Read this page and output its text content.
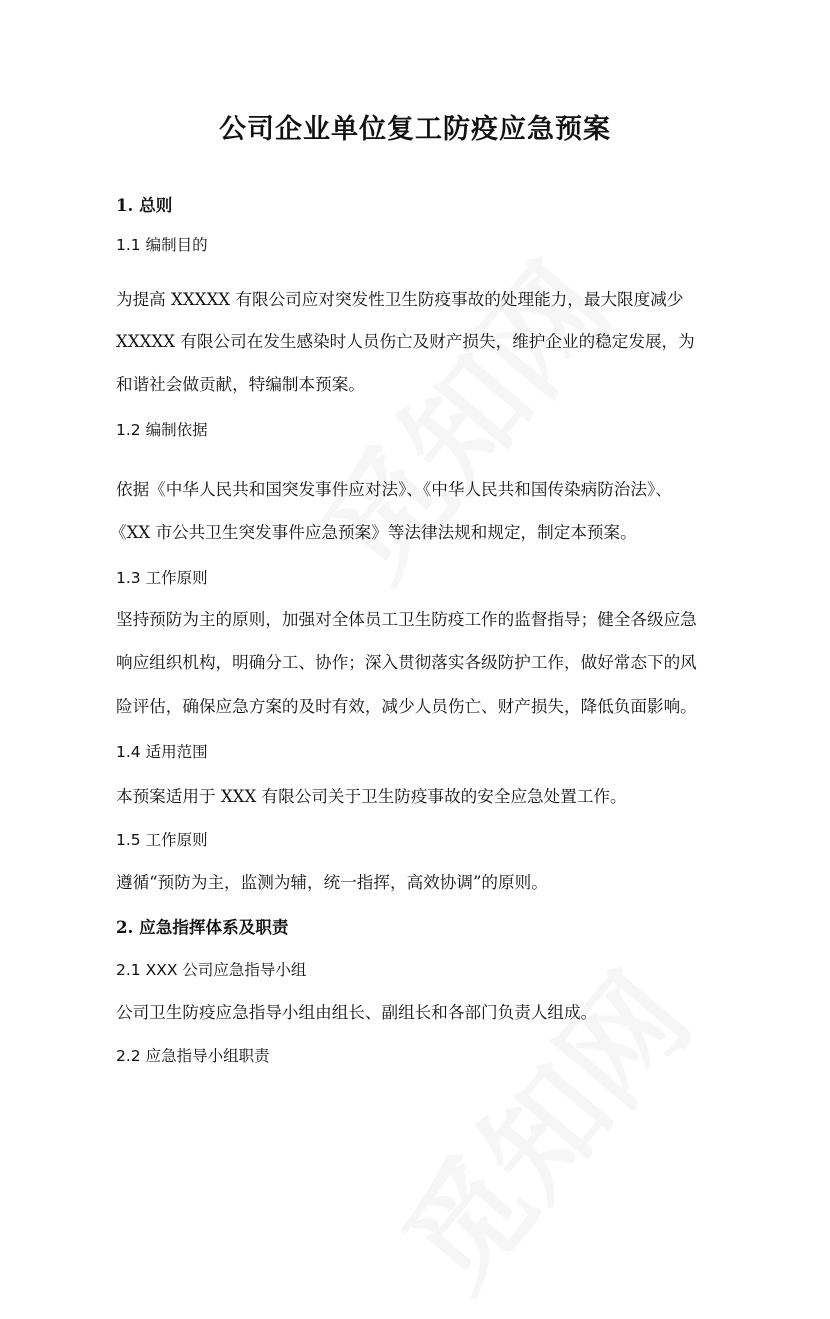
公司企业单位复工防疫应急预案
1. 总则
1.1 编制目的
为提高 XXXXX 有限公司应对突发性卫生防疫事故的处理能力，最大限度减少
XXXXX 有限公司在发生感染时人员伤亡及财产损失，维护企业的稳定发展，为
和谐社会做贡献，特编制本预案。
1.2 编制依据
依据《中华人民共和国突发事件应对法》、《中华人民共和国传染病防治法》、
《XX 市公共卫生突发事件应急预案》等法律法规和规定，制定本预案。
1.3 工作原则
坚持预防为主的原则，加强对全体员工卫生防疫工作的监督指导；健全各级应急
响应组织机构，明确分工、协作；深入贯彻落实各级防护工作，做好常态下的风
险评估，确保应急方案的及时有效，减少人员伤亡、财产损失，降低负面影响。
1.4 适用范围
本预案适用于 XXX 有限公司关于卫生防疫事故的安全应急处置工作。
1.5 工作原则
遵循“预防为主，监测为辅，统一指挥，高效协调”的原则。
2. 应急指挥体系及职责
2.1 XXX 公司应急指导小组
公司卫生防疫应急指导小组由组长、副组长和各部门负责人组成。
2.2 应急指导小组职责
